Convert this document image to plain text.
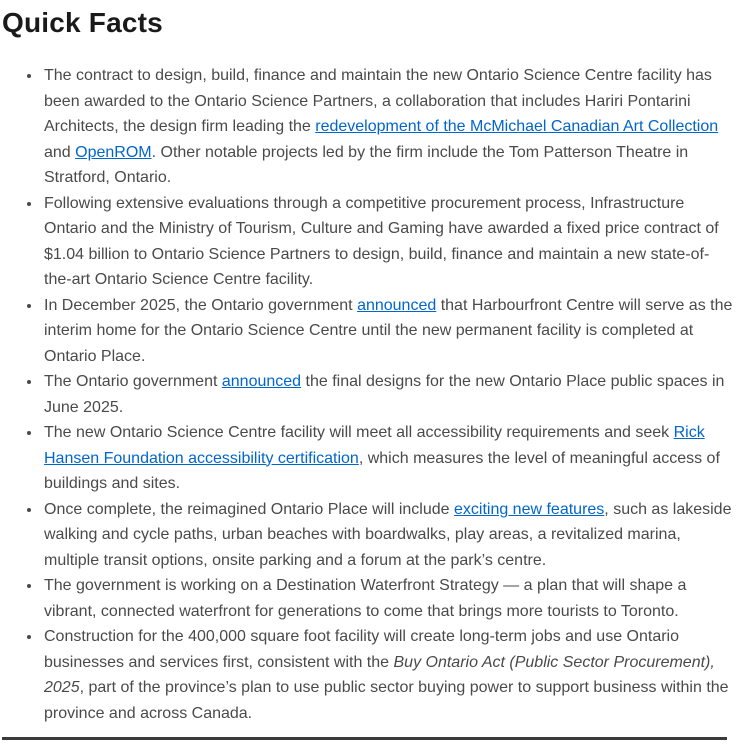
Quick Facts
• The contract to design, build, finance and maintain the new Ontario Science Centre facility has been awarded to the Ontario Science Partners, a collaboration that includes Hariri Pontarini Architects, the design firm leading the redevelopment of the McMichael Canadian Art Collection and OpenROM. Other notable projects led by the firm include the Tom Patterson Theatre in Stratford, Ontario.
• Following extensive evaluations through a competitive procurement process, Infrastructure Ontario and the Ministry of Tourism, Culture and Gaming have awarded a fixed price contract of $1.04 billion to Ontario Science Partners to design, build, finance and maintain a new state-of-the-art Ontario Science Centre facility.
• In December 2025, the Ontario government announced that Harbourfront Centre will serve as the interim home for the Ontario Science Centre until the new permanent facility is completed at Ontario Place.
• The Ontario government announced the final designs for the new Ontario Place public spaces in June 2025.
• The new Ontario Science Centre facility will meet all accessibility requirements and seek Rick Hansen Foundation accessibility certification, which measures the level of meaningful access of buildings and sites.
• Once complete, the reimagined Ontario Place will include exciting new features, such as lakeside walking and cycle paths, urban beaches with boardwalks, play areas, a revitalized marina, multiple transit options, onsite parking and a forum at the park’s centre.
• The government is working on a Destination Waterfront Strategy — a plan that will shape a vibrant, connected waterfront for generations to come that brings more tourists to Toronto.
• Construction for the 400,000 square foot facility will create long-term jobs and use Ontario businesses and services first, consistent with the Buy Ontario Act (Public Sector Procurement), 2025, part of the province’s plan to use public sector buying power to support business within the province and across Canada.
